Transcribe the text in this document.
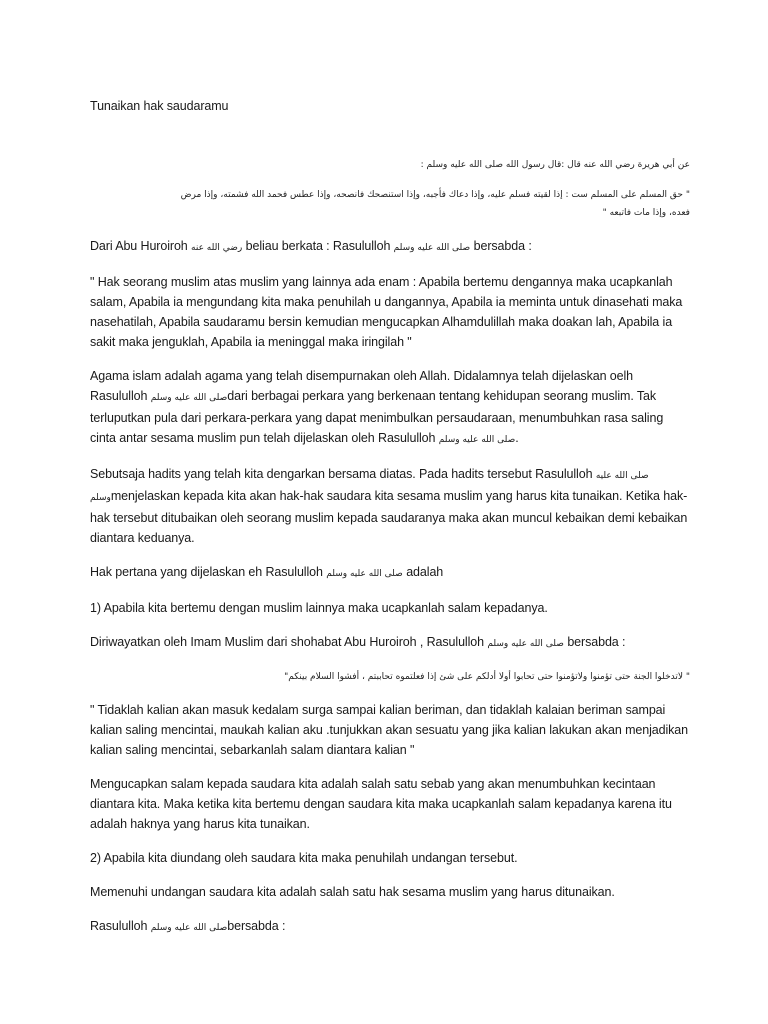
Tunaikan hak saudaramu

عن أبي هريرة رضي الله عنه قال :قال رسول الله صلى الله عليه وسلم :

" حق المسلم على المسلم ست : إذا لقيته فسلم عليه، وإذا دعاك فأجبه، وإذا استنصحك فانصحه، وإذا عطس فحمد الله فشمته، وإذا مرض

فعده، وإذا مات فاتبعه "

Dari Abu Huroiroh رضي الله عنه beliau berkata : Rasululloh صلى الله عليه وسلم bersabda :

" Hak seorang muslim atas muslim yang lainnya ada enam : Apabila bertemu dengannya maka ucapkanlah salam, Apabila ia mengundang kita maka penuhilah u dangannya, Apabila ia meminta untuk dinasehati maka nasehatilah, Apabila saudaramu bersin kemudian mengucapkan Alhamdulillah maka doakan lah, Apabila ia sakit maka jenguklah, Apabila ia meninggal maka iringilah "

Agama islam adalah agama yang telah disempurnakan oleh Allah. Didalamnya telah dijelaskan oelh Rasululloh صلى الله عليه وسلمdari berbagai perkara yang berkenaan tentang kehidupan seorang muslim. Tak terluputkan pula dari perkara-perkara yang dapat menimbulkan persaudaraan, menumbuhkan rasa saling cinta antar sesama muslim pun telah dijelaskan oleh Rasululloh صلى الله عليه وسلم.

Sebutsaja hadits yang telah kita dengarkan bersama diatas. Pada hadits tersebut Rasululloh صلى الله عليه وسلمmenjelaskan kepada kita akan hak-hak saudara kita sesama muslim yang harus kita tunaikan. Ketika hak-hak tersebut ditubaikan oleh seorang muslim kepada saudaranya maka akan muncul kebaikan demi kebaikan diantara keduanya.

Hak pertana yang dijelaskan eh Rasululloh صلى الله عليه وسلم adalah

1) Apabila kita bertemu dengan muslim lainnya maka ucapkanlah salam kepadanya.

Diriwayatkan oleh Imam Muslim dari shohabat Abu Huroiroh , Rasululloh صلى الله عليه وسلم bersabda :

" لاتدخلوا الجنة حتى تؤمنوا ولاتؤمنوا حتى تحابوا أولا أدلكم على شئ إذا فعلتموه تحاببتم ، أفشوا السلام بينكم"

" Tidaklah kalian akan masuk kedalam surga sampai kalian beriman, dan tidaklah kalaian beriman sampai kalian saling mencintai, maukah kalian aku .tunjukkan akan sesuatu yang jika kalian lakukan akan menjadikan kalian saling mencintai, sebarkanlah salam diantara kalian "

Mengucapkan salam kepada saudara kita adalah salah satu sebab yang akan menumbuhkan kecintaan diantara kita. Maka ketika kita bertemu dengan saudara kita maka ucapkanlah salam kepadanya karena itu adalah haknya yang harus kita tunaikan.

2) Apabila kita diundang oleh saudara kita maka penuhilah undangan tersebut.

Memenuhi undangan saudara kita adalah salah satu hak sesama muslim yang harus ditunaikan.

Rasululloh صلى الله عليه وسلمbersabda :
